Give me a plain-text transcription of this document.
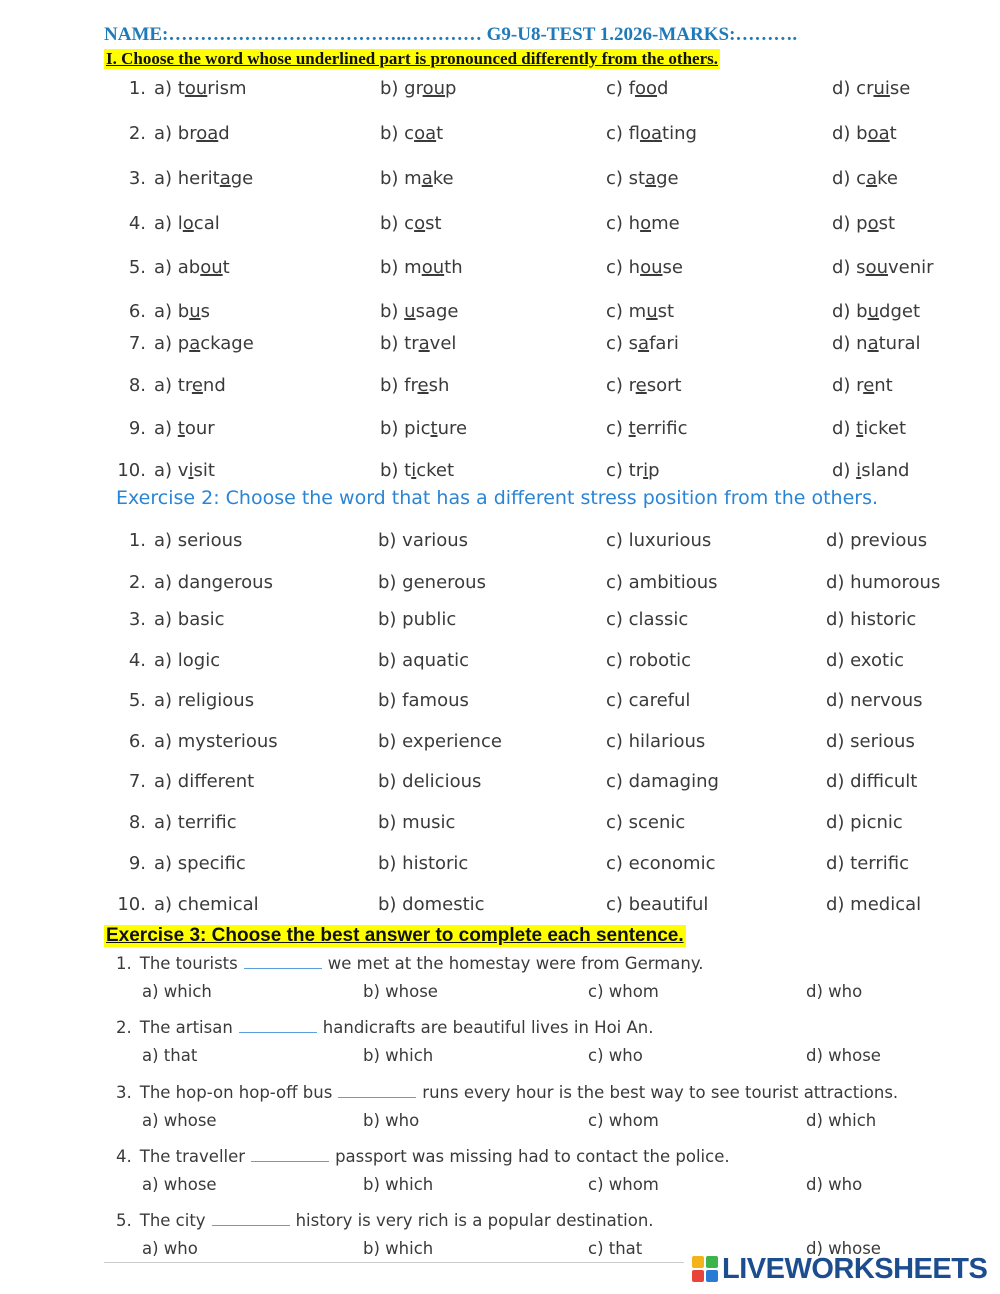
NAME:………………………………..………… G9-U8-TEST 1.2026-MARKS:……….
I. Choose the word whose underlined part is pronounced differently from the others.
1. a) tourism	b) group	c) food	d) cruise
2. a) broad	b) coat	c) floating	d) boat
3. a) heritage	b) make	c) stage	d) cake
4. a) local	b) cost	c) home	d) post
5. a) about	b) mouth	c) house	d) souvenir
6. a) bus	b) usage	c) must	d) budget
7. a) package	b) travel	c) safari	d) natural
8. a) trend	b) fresh	c) resort	d) rent
9. a) tour	b) picture	c) terrific	d) ticket
10. a) visit	b) ticket	c) trip	d) island
Exercise 2: Choose the word that has a different stress position from the others.
1. a) serious	b) various	c) luxurious	d) previous
2. a) dangerous	b) generous	c) ambitious	d) humorous
3. a) basic	b) public	c) classic	d) historic
4. a) logic	b) aquatic	c) robotic	d) exotic
5. a) religious	b) famous	c) careful	d) nervous
6. a) mysterious	b) experience	c) hilarious	d) serious
7. a) different	b) delicious	c) damaging	d) difficult
8. a) terrific	b) music	c) scenic	d) picnic
9. a) specific	b) historic	c) economic	d) terrific
10. a) chemical	b) domestic	c) beautiful	d) medical
Exercise 3: Choose the best answer to complete each sentence.
1. The tourists	we met at the homestay were from Germany.
a) which	b) whose	c) whom	d) who
2. The artisan	handicrafts are beautiful lives in Hoi An.
a) that	b) which	c) who	d) whose
3. The hop-on hop-off bus	runs every hour is the best way to see tourist attractions.
a) whose	b) who	c) whom	d) which
4. The traveller	passport was missing had to contact the police.
a) whose	b) which	c) whom	d) who
5. The city	history is very rich is a popular destination.
a) who	b) which	c) that	d) whose
LIVEWORKSHEETS
